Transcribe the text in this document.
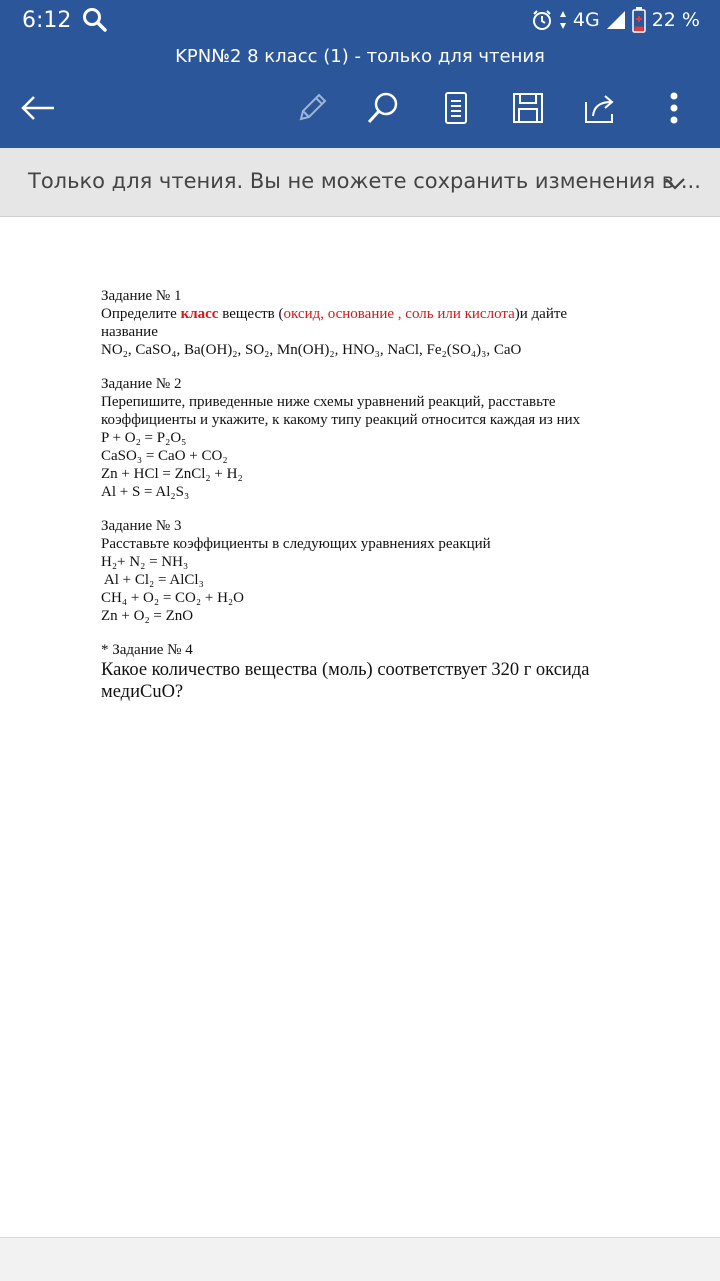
6:12	4G	22 %
KPN№2 8 класс (1) - только для чтения
Только для чтения. Вы не можете сохранить изменения в ...

Задание № 1

Определите класс веществ (оксид, основание , соль или кислота)и дайте

название

NO₂, CaSO₄, Ba(OH)₂, SO₂, Mn(OH)₂, HNO₃, NaCl, Fe₂(SO₄)₃, CaO

Задание № 2

Перепишите, приведенные ниже схемы уравнений реакций, расставьте

коэффициенты и укажите, к какому типу реакций относится каждая из них

P + O₂ = P₂O₅

CaSO₃ = CaO + CO₂

Zn + HCl = ZnCl₂ + H₂

Al + S = Al₂S₃

Задание № 3

Расставьте коэффициенты в следующих уравнениях реакций

H₂+ N₂ = NH₃

Al + Cl₂ = AlCl₃

CH₄ + O₂ = CO₂ + H₂O

Zn + O₂ = ZnO

* Задание № 4

Какое количество вещества (моль) соответствует 320 г оксида

медиCuO?
